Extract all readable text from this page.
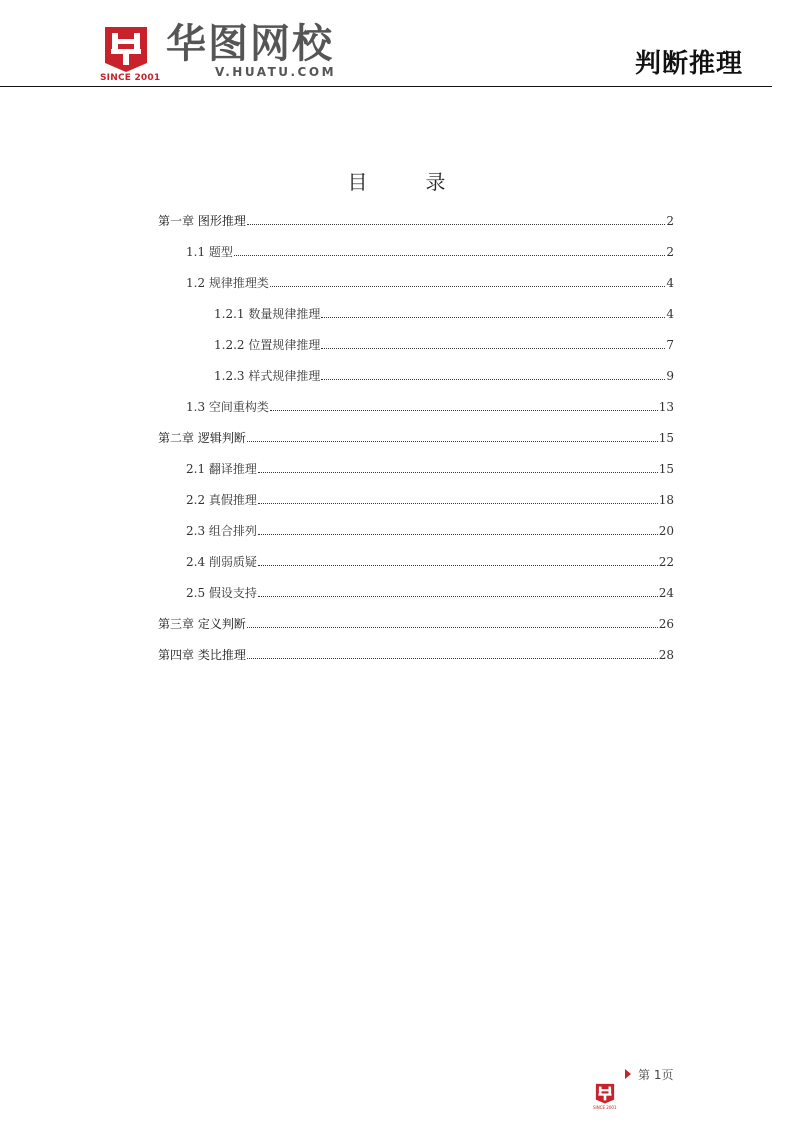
SINCE 2001
华图网校
V.HUATU.COM	判断推理
目	录
第一章 图形推理	2
1.1 题型	2
1.2 规律推理类	4
1.2.1 数量规律推理	4
1.2.2 位置规律推理	7
1.2.3 样式规律推理	9
1.3 空间重构类	13
第二章 逻辑判断	15
2.1 翻译推理	15
2.2 真假推理	18
2.3 组合排列	20
2.4 削弱质疑	22
2.5 假设支持	24
第三章 定义判断	26
第四章 类比推理	28
第 1页
SINCE 2001
